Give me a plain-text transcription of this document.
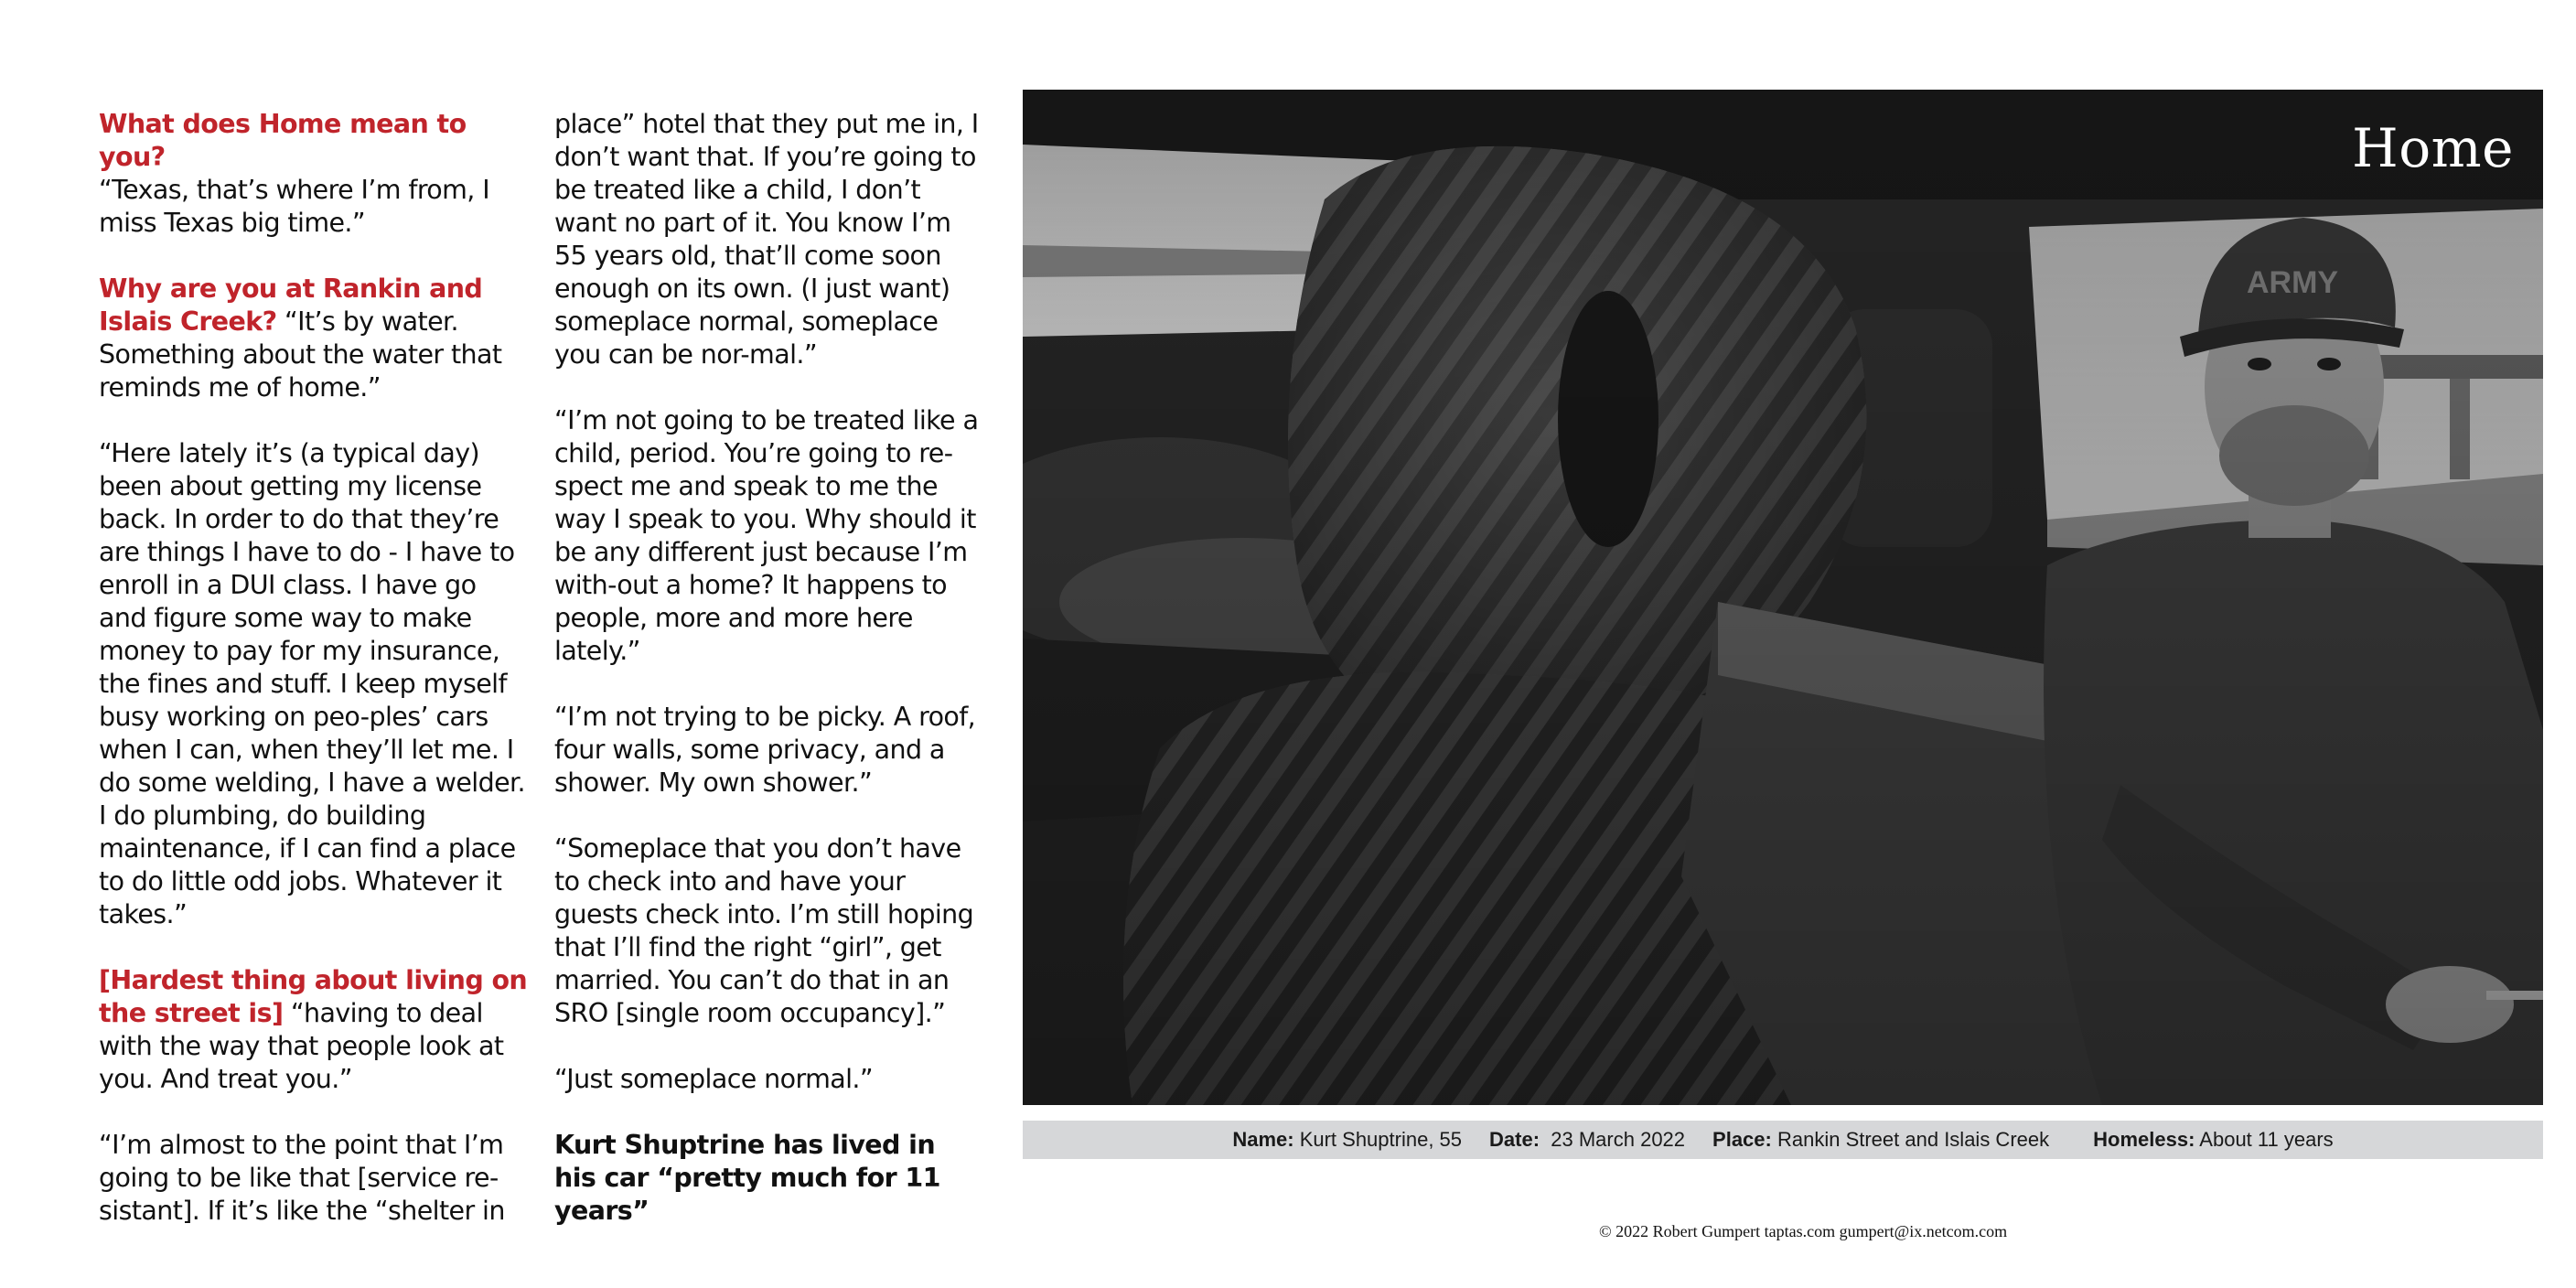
What does Home mean to you?
“Texas, that’s where I’m from, I miss Texas big time.”

Why are you at Rankin and Islais Creek? “It’s by water. Something about the water that reminds me of home.”

“Here lately it’s (a typical day) been about getting my license back. In order to do that they’re are things I have to do - I have to enroll in a DUI class. I have go and figure some way to make money to pay for my insurance, the fines and stuff. I keep myself busy working on peo-ples’ cars when I can, when they’ll let me. I do some welding, I have a welder. I do plumbing, do building maintenance, if I can find a place to do little odd jobs. Whatever it takes.”

[Hardest thing about living on the street is] “having to deal with the way that people look at you. And treat you.”

“I’m almost to the point that I’m going to be like that [service re-sistant]. If it’s like the “shelter in

place” hotel that they put me in, I don’t want that. If you’re going to be treated like a child, I don’t want no part of it. You know I’m 55 years old, that’ll come soon enough on its own. (I just want) someplace normal, someplace you can be nor-mal.”

“I’m not going to be treated like a child, period. You’re going to re-spect me and speak to me the way I speak to you. Why should it be any different just because I’m with-out a home? It happens to people, more and more here lately.”

“I’m not trying to be picky. A roof, four walls, some privacy, and a shower. My own shower.”

“Someplace that you don’t have to check into and have your guests check into. I’m still hoping that I’ll find the right “girl”, get married. You can’t do that in an SRO [single room occupancy].”

“Just someplace normal.”

Kurt Shuptrine has lived in his car “pretty much for 11 years”

Home
Name: Kurt Shuptrine, 55 Date:  23 March 2022 Place: Rankin Street and Islais Creek Homeless: About 11 years
© 2022 Robert Gumpert taptas.com gumpert@ix.netcom.com
